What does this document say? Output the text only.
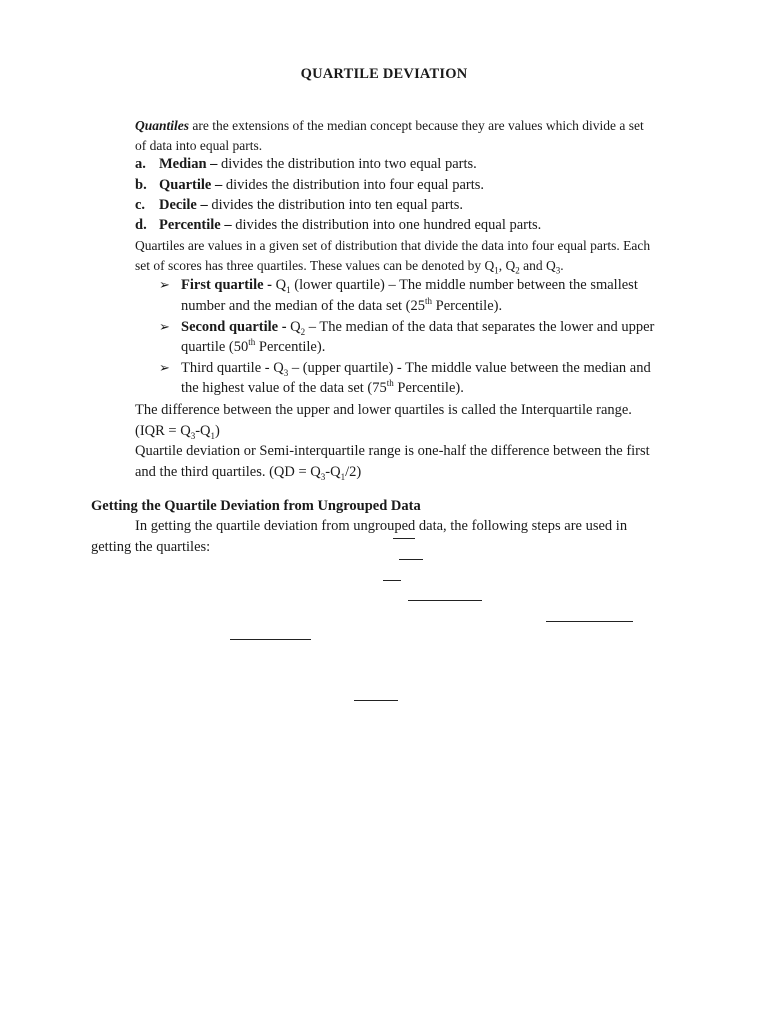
QUARTILE DEVIATION
Quantiles are the extensions of the median concept because they are values which divide a set
of data into equal parts.
a. Median – divides the distribution into two equal parts.
b. Quartile – divides the distribution into four equal parts.
c. Decile – divides the distribution into ten equal parts.
d. Percentile – divides the distribution into one hundred equal parts.
Quartiles are values in a given set of distribution that divide the data into four equal parts. Each
set of scores has three quartiles. These values can be denoted by $Q_1$, $Q_2$ and $Q_3$.
➢ First quartile - $Q_1$ (lower quartile) – The middle number between the smallest
number and the median of the data set (25th Percentile).
➢ Second quartile - $Q_2$ – The median of the data that separates the lower and upper
quartile (50th Percentile).
➢ Third quartile - $Q_3$ – (upper quartile) - The middle value between the median and
the highest value of the data set (75th Percentile).
The difference between the upper and lower quartiles is called the Interquartile range.
$(IQR = Q_3-Q_1)$
Quartile deviation or Semi-interquartile range is one-half the difference between the first
and the third quartiles. $(QD = Q_3-Q_1/2)$
Getting the Quartile Deviation from Ungrouped Data
In getting the quartile deviation from ungrouped data, the following steps are used in
getting the quartiles:
